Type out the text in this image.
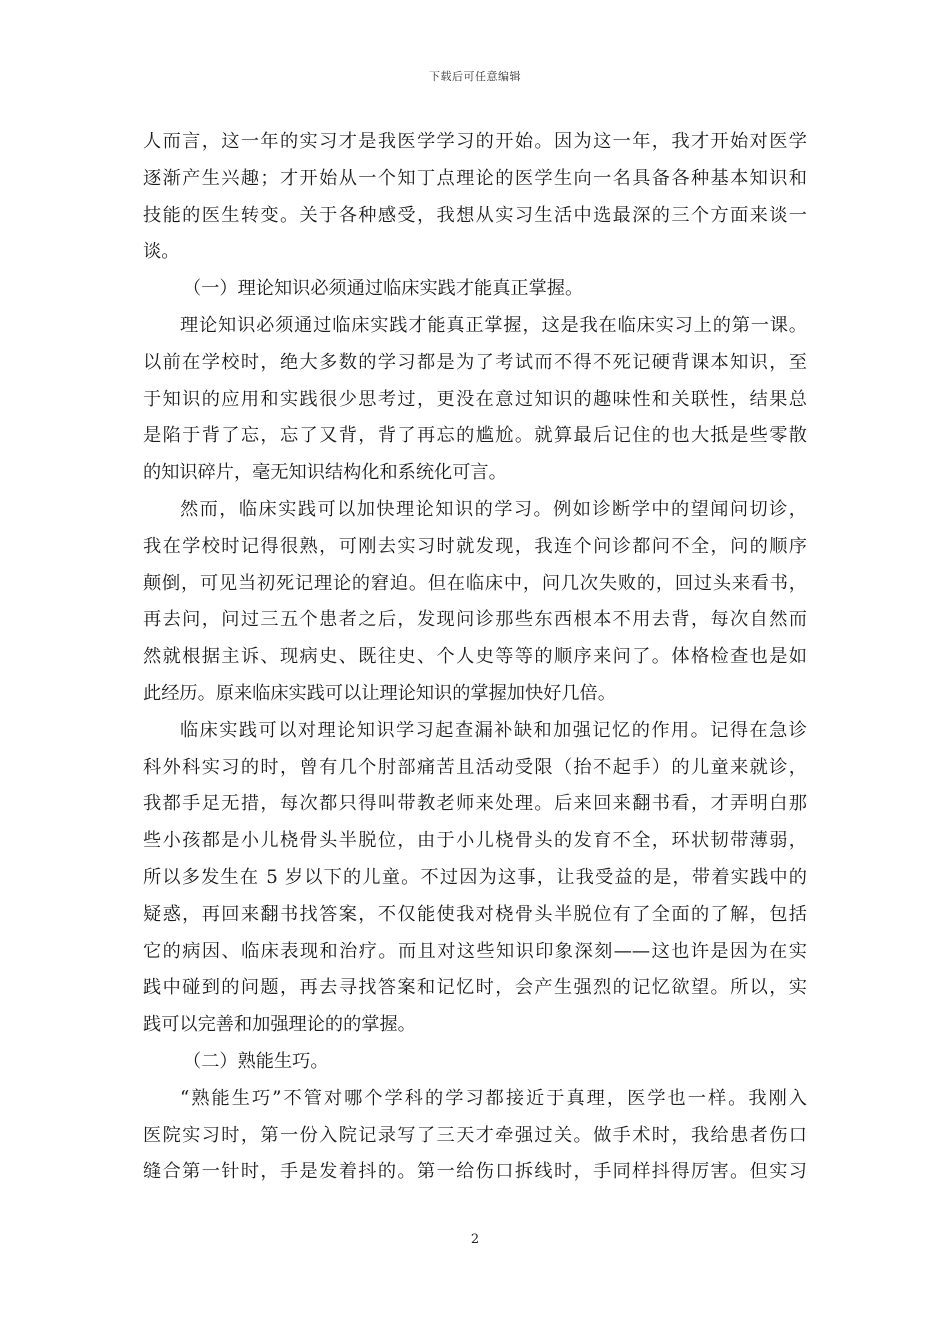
下载后可任意编辑
人而言，这一年的实习才是我医学学习的开始。因为这一年，我才开始对医学
逐渐产生兴趣；才开始从一个知丁点理论的医学生向一名具备各种基本知识和
技能的医生转变。关于各种感受，我想从实习生活中选最深的三个方面来谈一
谈。
（一）理论知识必须通过临床实践才能真正掌握。
理论知识必须通过临床实践才能真正掌握，这是我在临床实习上的第一课。
以前在学校时，绝大多数的学习都是为了考试而不得不死记硬背课本知识，至
于知识的应用和实践很少思考过，更没在意过知识的趣味性和关联性，结果总
是陷于背了忘，忘了又背，背了再忘的尴尬。就算最后记住的也大抵是些零散
的知识碎片，毫无知识结构化和系统化可言。
然而，临床实践可以加快理论知识的学习。例如诊断学中的望闻问切诊，
我在学校时记得很熟，可刚去实习时就发现，我连个问诊都问不全，问的顺序
颠倒，可见当初死记理论的窘迫。但在临床中，问几次失败的，回过头来看书，
再去问，问过三五个患者之后，发现问诊那些东西根本不用去背，每次自然而
然就根据主诉、现病史、既往史、个人史等等的顺序来问了。体格检查也是如
此经历。原来临床实践可以让理论知识的掌握加快好几倍。
临床实践可以对理论知识学习起查漏补缺和加强记忆的作用。记得在急诊
科外科实习的时，曾有几个肘部痛苦且活动受限（抬不起手）的儿童来就诊，
我都手足无措，每次都只得叫带教老师来处理。后来回来翻书看，才弄明白那
些小孩都是小儿桡骨头半脱位，由于小儿桡骨头的发育不全，环状韧带薄弱，
所以多发生在 5 岁以下的儿童。不过因为这事，让我受益的是，带着实践中的
疑惑，再回来翻书找答案，不仅能使我对桡骨头半脱位有了全面的了解，包括
它的病因、临床表现和治疗。而且对这些知识印象深刻——这也许是因为在实
践中碰到的问题，再去寻找答案和记忆时，会产生强烈的记忆欲望。所以，实
践可以完善和加强理论的的掌握。
（二）熟能生巧。
“熟能生巧”不管对哪个学科的学习都接近于真理，医学也一样。我刚入
医院实习时，第一份入院记录写了三天才牵强过关。做手术时，我给患者伤口
缝合第一针时，手是发着抖的。第一给伤口拆线时，手同样抖得厉害。但实习
2
